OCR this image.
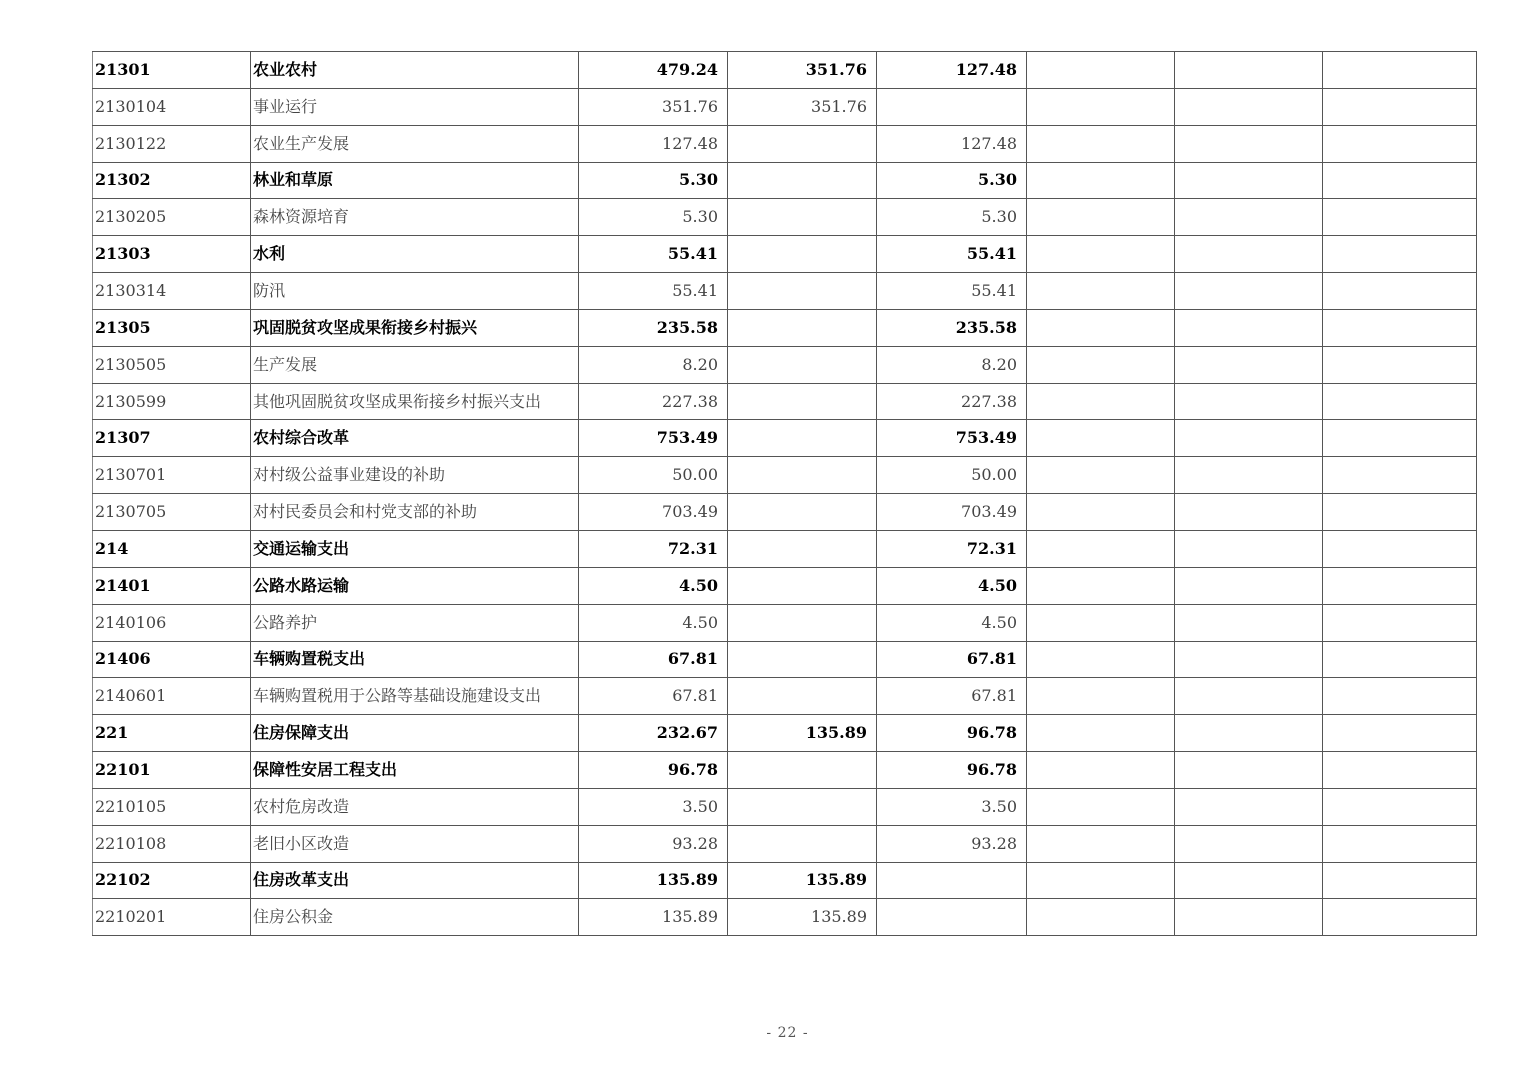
21301	农业农村	479.24	351.76	127.48			
2130104	事业运行	351.76	351.76				
2130122	农业生产发展	127.48		127.48			
21302	林业和草原	5.30		5.30			
2130205	森林资源培育	5.30		5.30			
21303	水利	55.41		55.41			
2130314	防汛	55.41		55.41			
21305	巩固脱贫攻坚成果衔接乡村振兴	235.58		235.58			
2130505	生产发展	8.20		8.20			
2130599	其他巩固脱贫攻坚成果衔接乡村振兴支出	227.38		227.38			
21307	农村综合改革	753.49		753.49			
2130701	对村级公益事业建设的补助	50.00		50.00			
2130705	对村民委员会和村党支部的补助	703.49		703.49			
214	交通运输支出	72.31		72.31			
21401	公路水路运输	4.50		4.50			
2140106	公路养护	4.50		4.50			
21406	车辆购置税支出	67.81		67.81			
2140601	车辆购置税用于公路等基础设施建设支出	67.81		67.81			
221	住房保障支出	232.67	135.89	96.78			
22101	保障性安居工程支出	96.78		96.78			
2210105	农村危房改造	3.50		3.50			
2210108	老旧小区改造	93.28		93.28			
22102	住房改革支出	135.89	135.89				
2210201	住房公积金	135.89	135.89				
- 22 -
